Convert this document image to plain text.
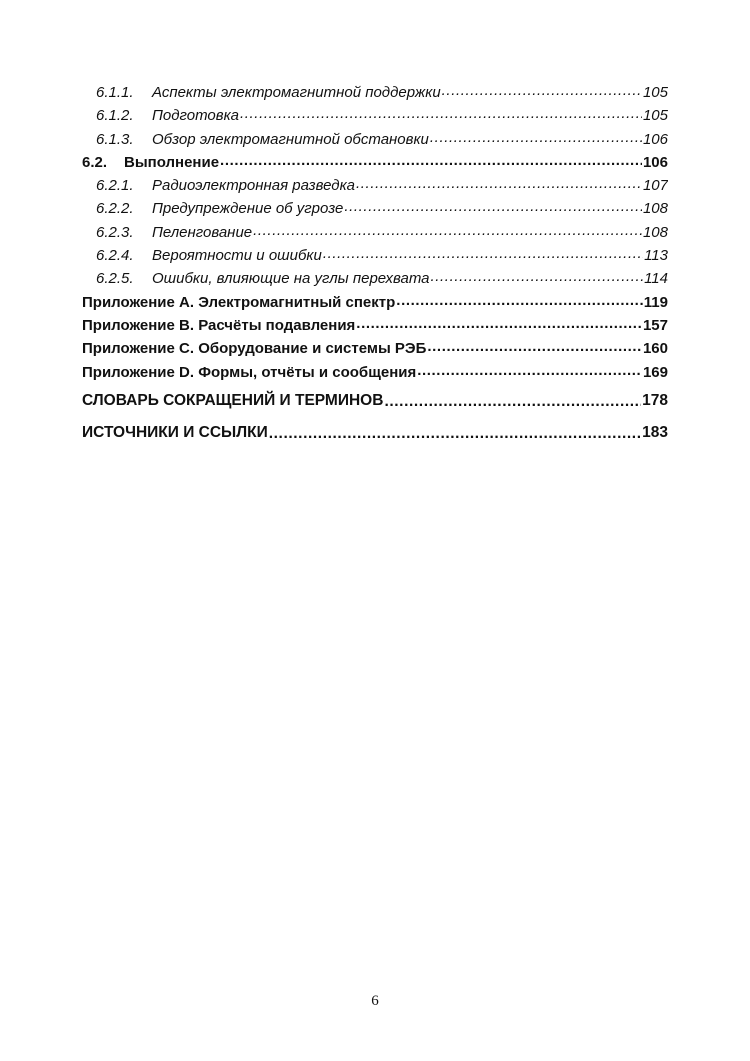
6.1.1.	Аспекты электромагнитной поддержки .....	105
6.1.2.	Подготовка .....	105
6.1.3.	Обзор электромагнитной обстановки .....	106
6.2.	Выполнение .....	106
6.2.1.	Радиоэлектронная разведка .....	107
6.2.2.	Предупреждение об угрозе .....	108
6.2.3.	Пеленгование .....	108
6.2.4.	Вероятности и ошибки .....	113
6.2.5.	Ошибки, влияющие на углы перехвата .....	114
Приложение A. Электромагнитный спектр .....	119
Приложение B. Расчёты подавления .....	157
Приложение C. Оборудование и системы РЭБ .....	160
Приложение D. Формы, отчёты и сообщения .....	169
СЛОВАРЬ СОКРАЩЕНИЙ И ТЕРМИНОВ .....	178
ИСТОЧНИКИ И ССЫЛКИ .....	183
6
